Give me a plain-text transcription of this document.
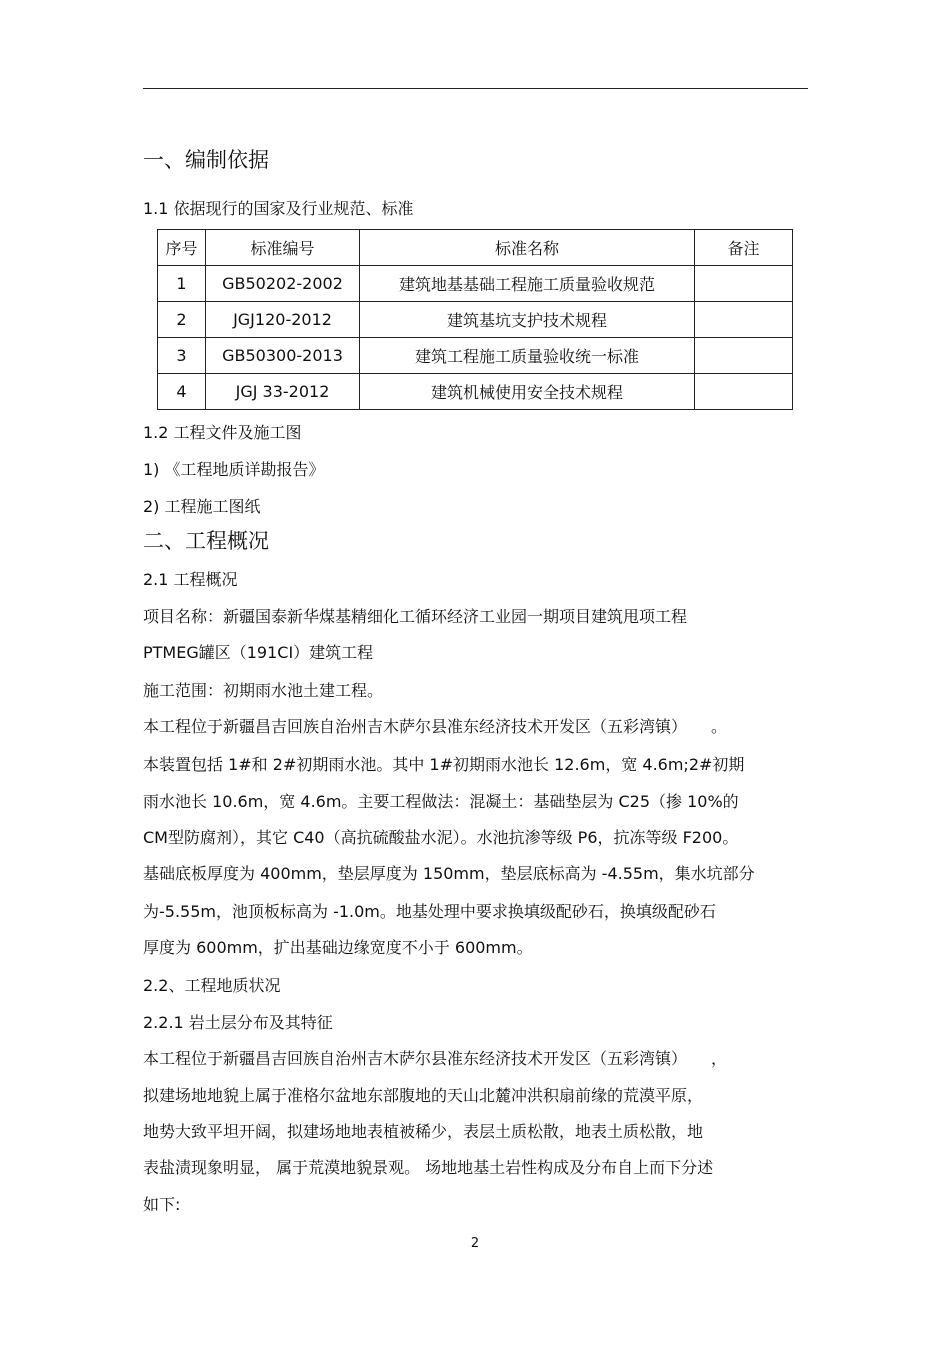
一、编制依据
1.1 依据现行的国家及行业规范、标准
序号	标准编号	标准名称	备注
1	GB50202-2002	建筑地基基础工程施工质量验收规范	
2	JGJ120-2012	建筑基坑支护技术规程	
3	GB50300-2013	建筑工程施工质量验收统一标准	
4	JGJ 33-2012	建筑机械使用安全技术规程	
1.2 工程文件及施工图
1) 《工程地质详勘报告》
2) 工程施工图纸
二、工程概况
2.1 工程概况
项目名称：新疆国泰新华煤基精细化工循环经济工业园一期项目建筑甩项工程
PTMEG罐区（191CI）建筑工程
施工范围：初期雨水池土建工程。
本工程位于新疆昌吉回族自治州吉木萨尔县准东经济技术开发区（五彩湾镇）　　。
本装置包括 1#和 2#初期雨水池。其中 1#初期雨水池长 12.6m，宽 4.6m;2#初期
雨水池长 10.6m，宽 4.6m。主要工程做法：混凝土：基础垫层为 C25（掺 10%的
CM型防腐剂），其它 C40（高抗硫酸盐水泥）。水池抗渗等级 P6，抗冻等级 F200。
基础底板厚度为 400mm，垫层厚度为 150mm，垫层底标高为 -4.55m，集水坑部分
为-5.55m，池顶板标高为 -1.0m。地基处理中要求换填级配砂石，换填级配砂石
厚度为 600mm，扩出基础边缘宽度不小于 600mm。
2.2、工程地质状况
2.2.1 岩土层分布及其特征
本工程位于新疆昌吉回族自治州吉木萨尔县准东经济技术开发区（五彩湾镇）　　，
拟建场地地貌上属于准格尔盆地东部腹地的天山北麓冲洪积扇前缘的荒漠平原，
地势大致平坦开阔，拟建场地地表植被稀少，表层土质松散，地表土质松散，地
表盐渍现象明显， 属于荒漠地貌景观。 场地地基土岩性构成及分布自上而下分述
如下:
2
